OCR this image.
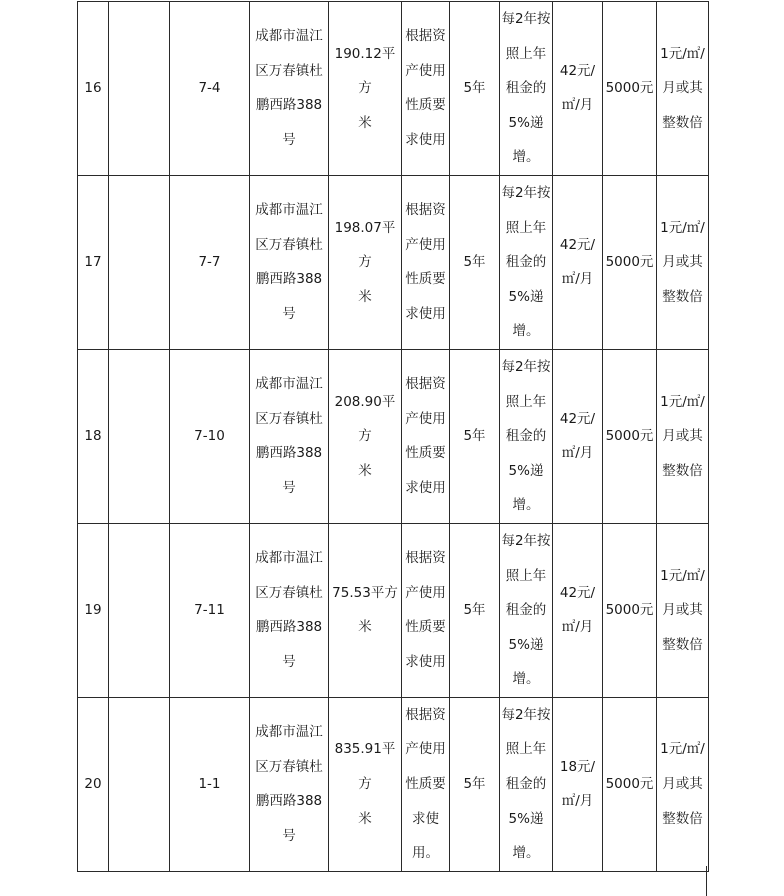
16		7-4	成都市温江
区万春镇杜
鹏西路388号	190.12平方
米	根据资
产使用
性质要
求使用	5年	每2年按
照上年
租金的
5%递
增。	42元/
㎡/月	5000元	1元/㎡/
月或其
整数倍

17		7-7	成都市温江
区万春镇杜
鹏西路388号	198.07平方
米	根据资
产使用
性质要
求使用	5年	每2年按
照上年
租金的
5%递
增。	42元/
㎡/月	5000元	1元/㎡/
月或其
整数倍

18		7-10	成都市温江
区万春镇杜
鹏西路388号	208.90平方
米	根据资
产使用
性质要
求使用	5年	每2年按
照上年
租金的
5%递
增。	42元/
㎡/月	5000元	1元/㎡/
月或其
整数倍

19		7-11	成都市温江
区万春镇杜
鹏西路388号	75.53平方
米	根据资
产使用
性质要
求使用	5年	每2年按
照上年
租金的
5%递
增。	42元/
㎡/月	5000元	1元/㎡/
月或其
整数倍

20		1-1	成都市温江
区万春镇杜
鹏西路388号	835.91平方
米	根据资
产使用
性质要
求使
用。	5年	每2年按
照上年
租金的
5%递
增。	18元/
㎡/月	5000元	1元/㎡/
月或其
整数倍
